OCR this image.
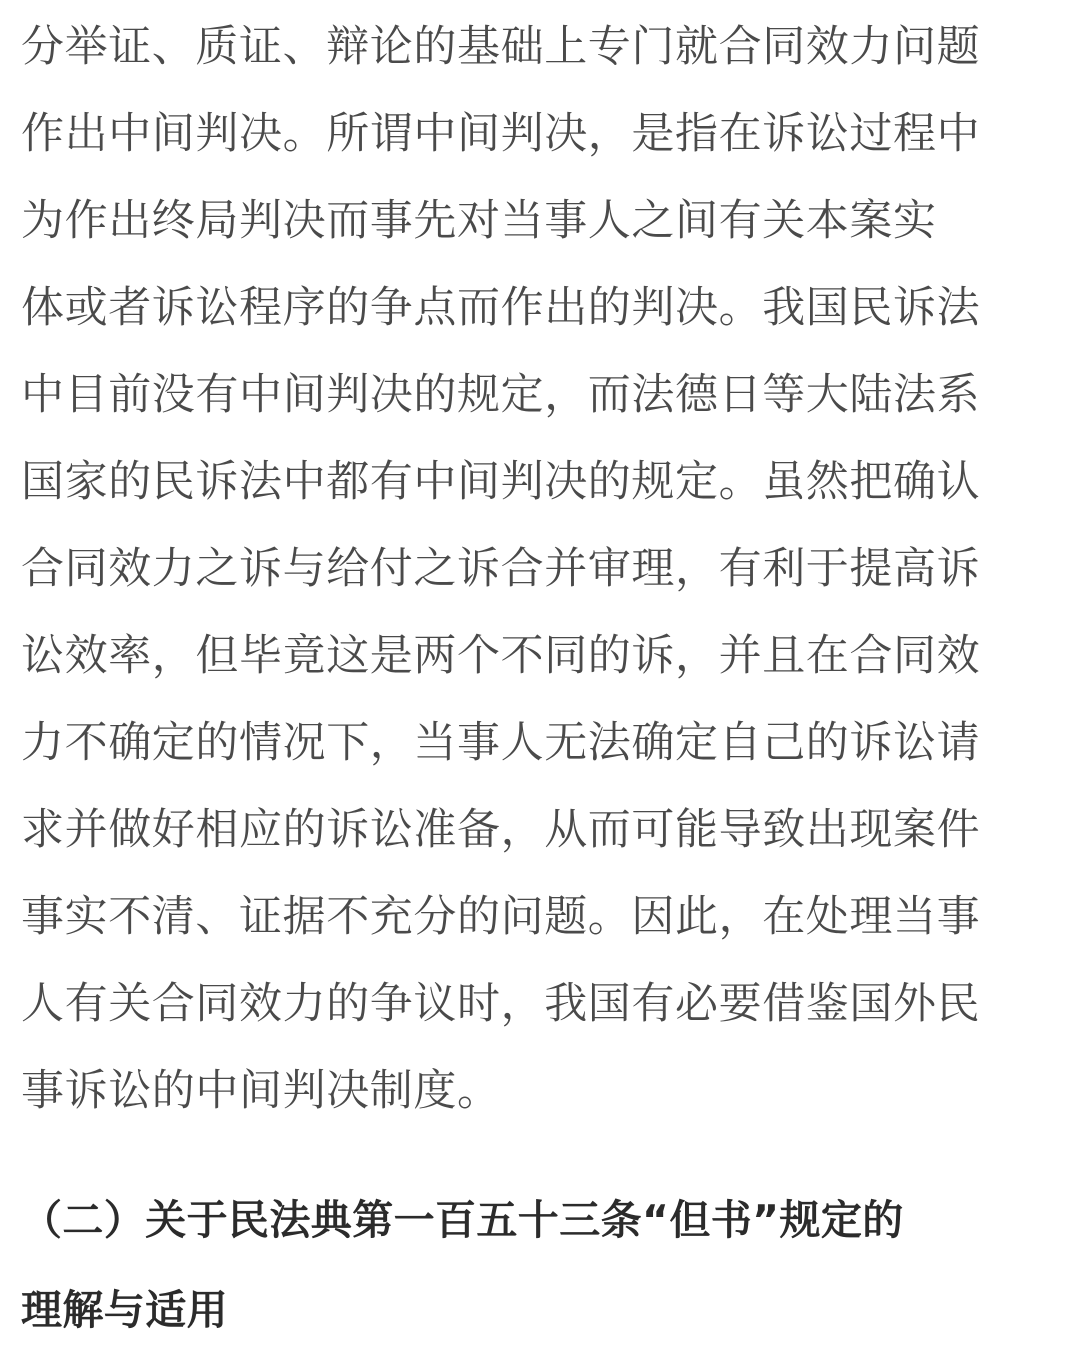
分举证、质证、辩论的基础上专门就合同效力问题
作出中间判决。所谓中间判决，是指在诉讼过程中
为作出终局判决而事先对当事人之间有关本案实
体或者诉讼程序的争点而作出的判决。我国民诉法
中目前没有中间判决的规定，而法德日等大陆法系
国家的民诉法中都有中间判决的规定。虽然把确认
合同效力之诉与给付之诉合并审理，有利于提高诉
讼效率，但毕竟这是两个不同的诉，并且在合同效
力不确定的情况下，当事人无法确定自己的诉讼请
求并做好相应的诉讼准备，从而可能导致出现案件
事实不清、证据不充分的问题。因此，在处理当事
人有关合同效力的争议时，我国有必要借鉴国外民
事诉讼的中间判决制度。
（二）关于民法典第一百五十三条“但书”规定的
理解与适用
